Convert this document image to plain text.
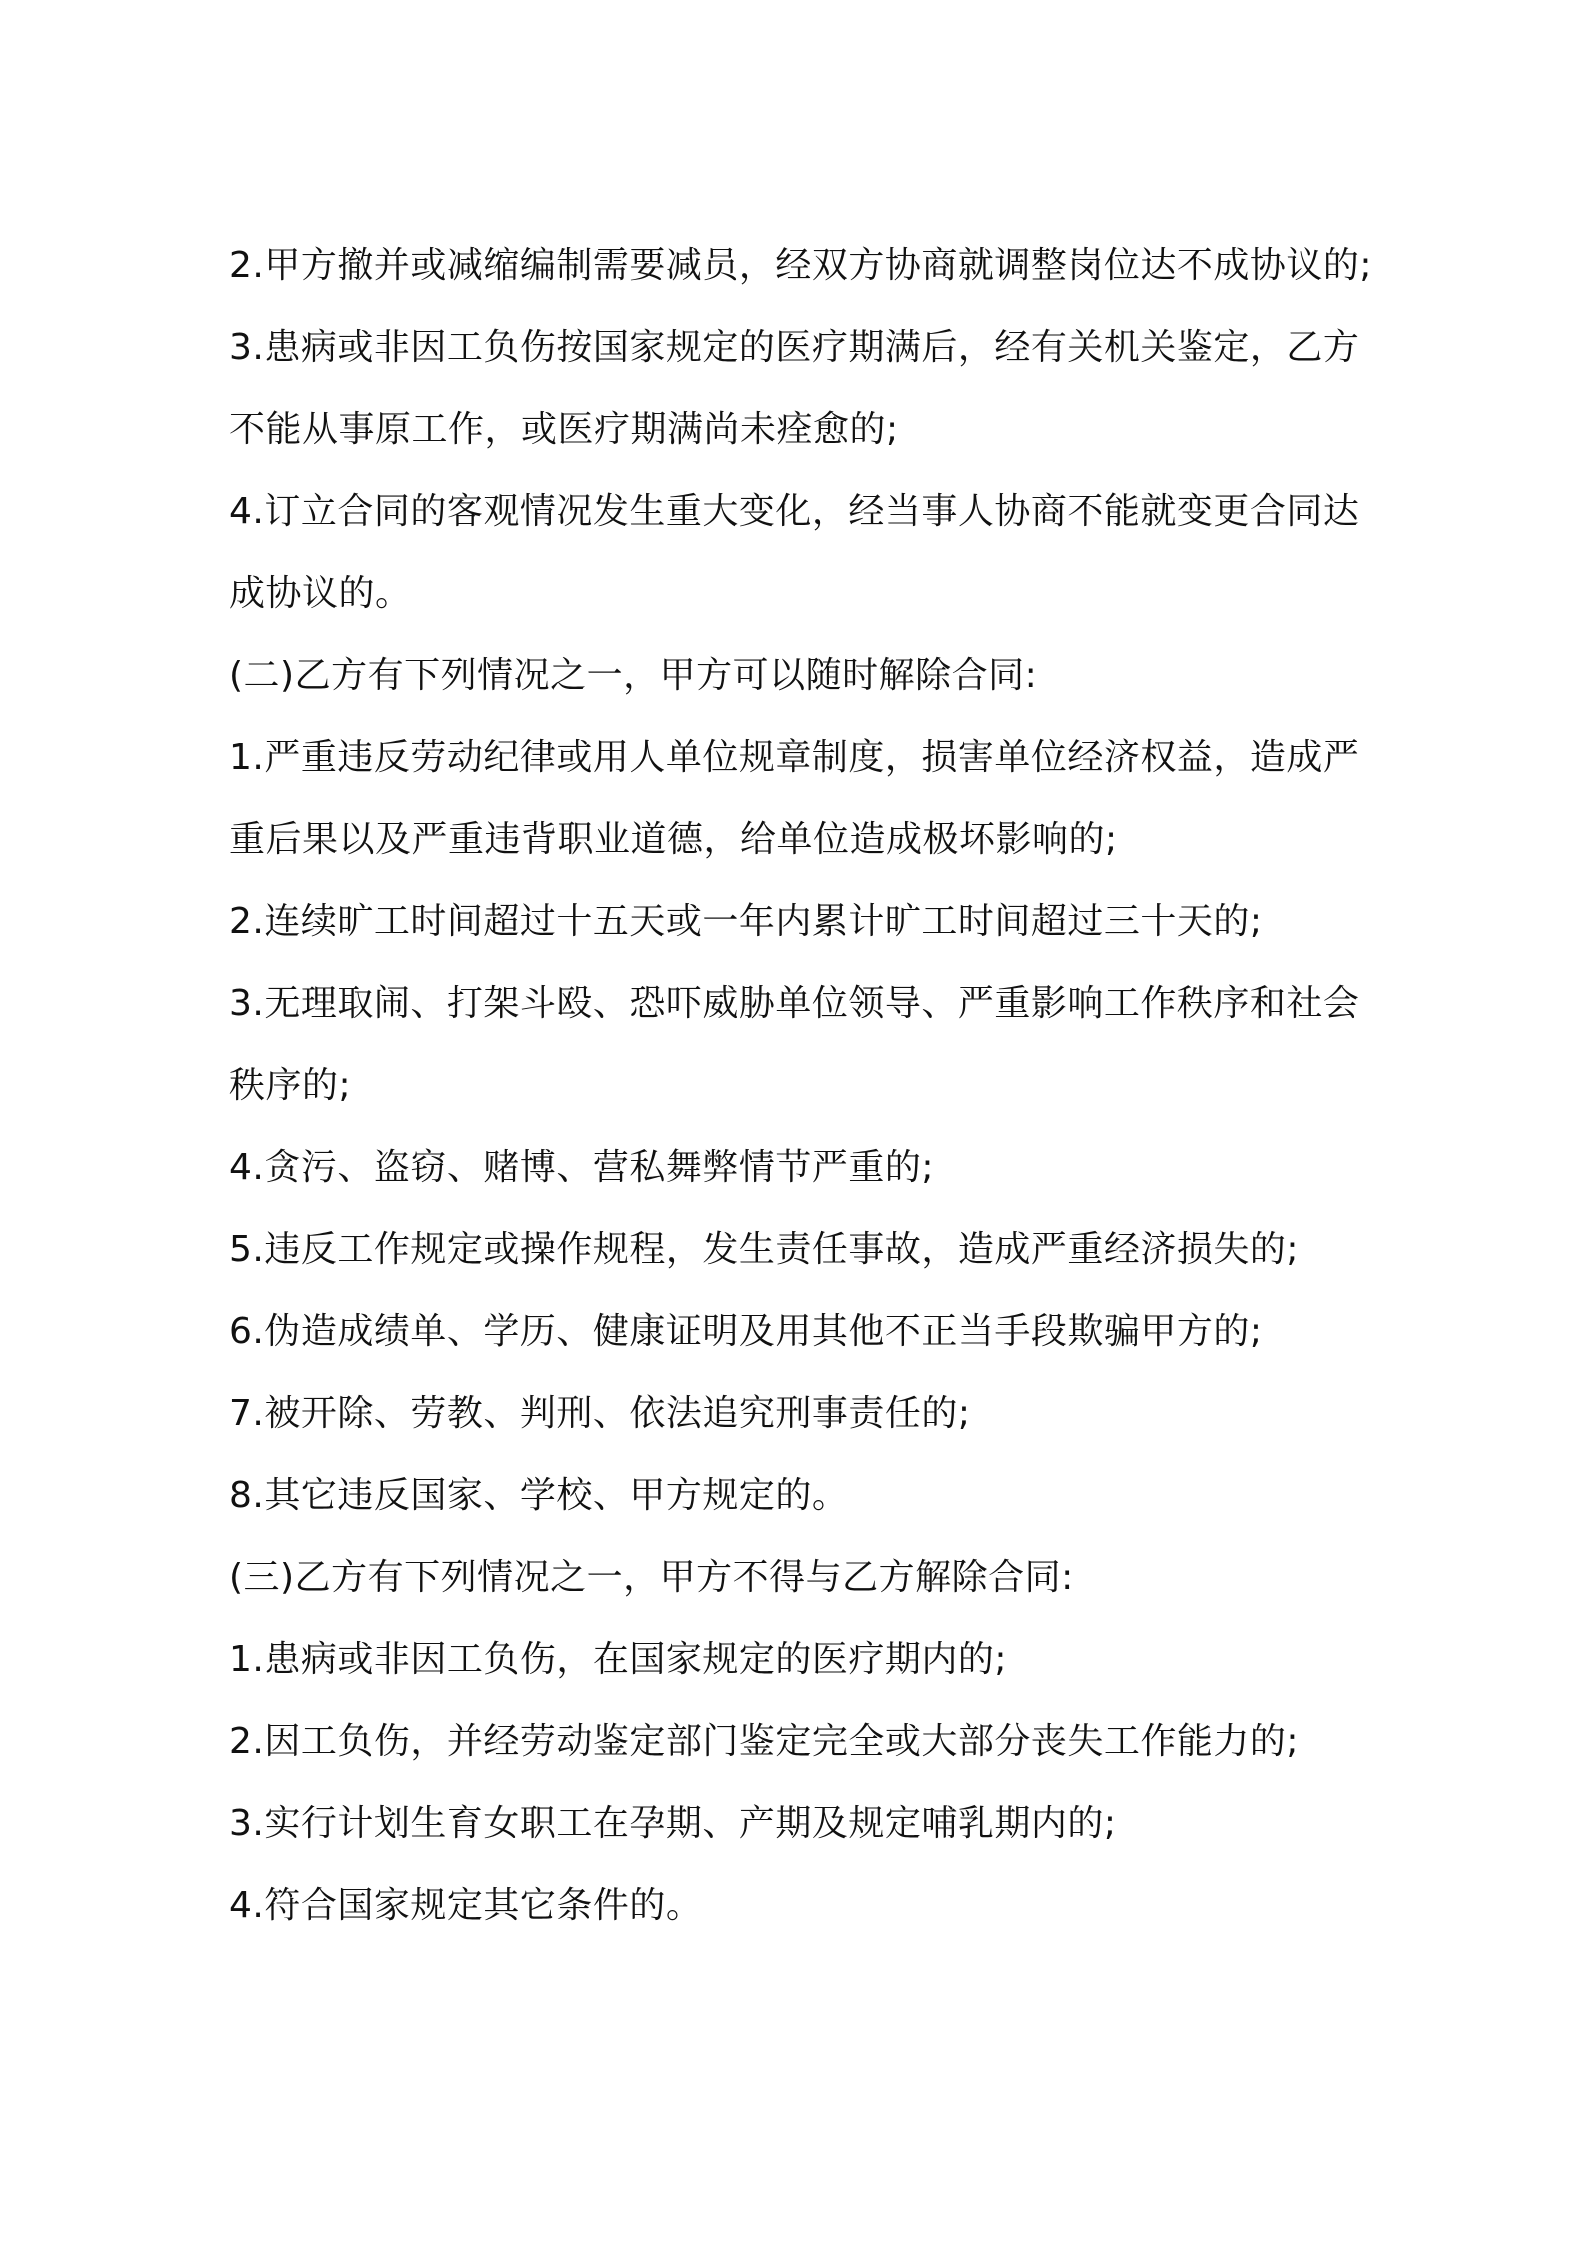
2.甲方撤并或减缩编制需要减员，经双方协商就调整岗位达不成协议的;
3.患病或非因工负伤按国家规定的医疗期满后，经有关机关鉴定，乙方
不能从事原工作，或医疗期满尚未痊愈的;
4.订立合同的客观情况发生重大变化，经当事人协商不能就变更合同达
成协议的。
(二)乙方有下列情况之一，甲方可以随时解除合同:
1.严重违反劳动纪律或用人单位规章制度，损害单位经济权益，造成严
重后果以及严重违背职业道德，给单位造成极坏影响的;
2.连续旷工时间超过十五天或一年内累计旷工时间超过三十天的;
3.无理取闹、打架斗殴、恐吓威胁单位领导、严重影响工作秩序和社会
秩序的;
4.贪污、盗窃、赌博、营私舞弊情节严重的;
5.违反工作规定或操作规程，发生责任事故，造成严重经济损失的;
6.伪造成绩单、学历、健康证明及用其他不正当手段欺骗甲方的;
7.被开除、劳教、判刑、依法追究刑事责任的;
8.其它违反国家、学校、甲方规定的。
(三)乙方有下列情况之一，甲方不得与乙方解除合同:
1.患病或非因工负伤，在国家规定的医疗期内的;
2.因工负伤，并经劳动鉴定部门鉴定完全或大部分丧失工作能力的;
3.实行计划生育女职工在孕期、产期及规定哺乳期内的;
4.符合国家规定其它条件的。
